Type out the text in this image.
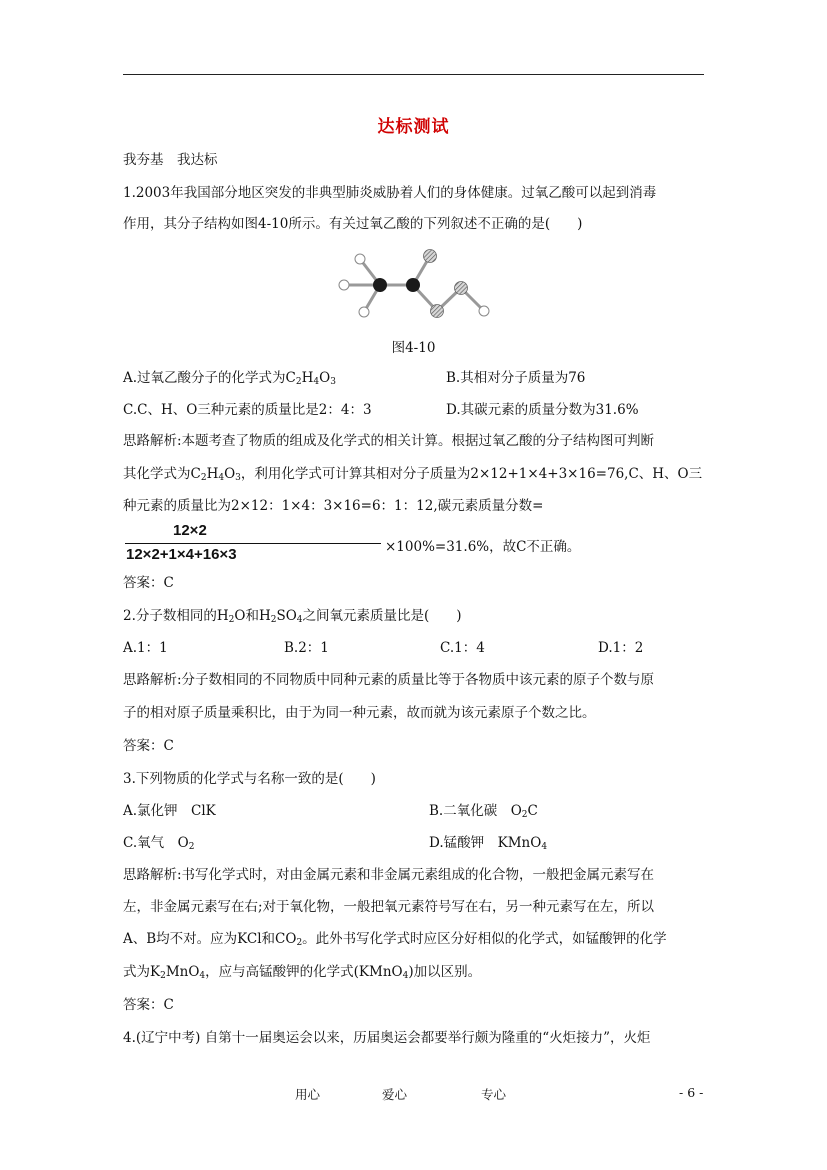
达标测试
我夯基　我达标
1.2003年我国部分地区突发的非典型肺炎威胁着人们的身体健康。过氧乙酸可以起到消毒
作用，其分子结构如图4-10所示。有关过氧乙酸的下列叙述不正确的是(　　)
图4-10
A.过氧乙酸分子的化学式为$C_2H_4O_3$	B.其相对分子质量为76
C.C、H、O三种元素的质量比是2：4：3	D.其碳元素的质量分数为31.6%
思路解析:本题考查了物质的组成及化学式的相关计算。根据过氧乙酸的分子结构图可判断
其化学式为$C_2H_4O_3$，利用化学式可计算其相对分子质量为2×12+1×4+3×16=76,C、H、O三
种元素的质量比为2×12：1×4：3×16=6：1：12,碳元素质量分数=
12×2
12×2+1×4+16×3	×100%=31.6%，故C不正确。
答案：C
2.分子数相同的$H_2O$和$H_2SO_4$之间氧元素质量比是(　　)
A.1：1	B.2：1	C.1：4	D.1：2
思路解析:分子数相同的不同物质中同种元素的质量比等于各物质中该元素的原子个数与原
子的相对原子质量乘积比，由于为同一种元素，故而就为该元素原子个数之比。
答案：C
3.下列物质的化学式与名称一致的是(　　)
A.氯化钾　ClK	B.二氧化碳　$O_2C$
C.氧气　$O_2$	D.锰酸钾　KMnO$_4$
思路解析:书写化学式时，对由金属元素和非金属元素组成的化合物，一般把金属元素写在
左，非金属元素写在右;对于氧化物，一般把氧元素符号写在右，另一种元素写在左，所以
A、B均不对。应为KCl和$CO_2$。此外书写化学式时应区分好相似的化学式，如锰酸钾的化学
式为$K_2MnO_4$，应与高锰酸钾的化学式(KMnO$_4$)加以区别。
答案：C
4.(辽宁中考) 自第十一届奥运会以来，历届奥运会都要举行颇为隆重的“火炬接力”，火炬
用心	爱心	专心	- 6 -
